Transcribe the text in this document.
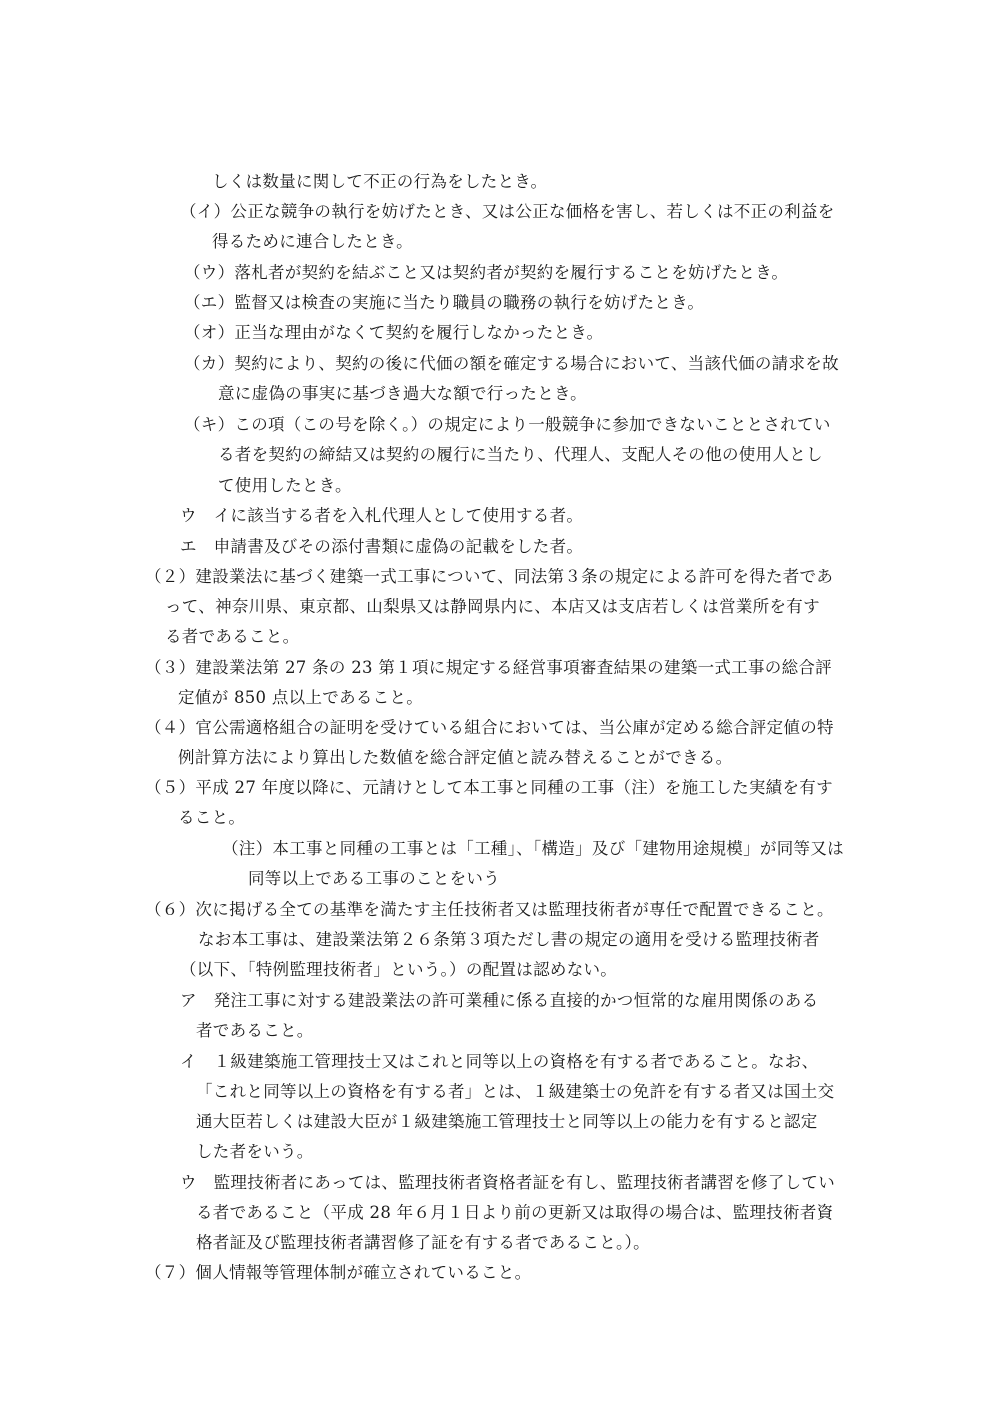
しくは数量に関して不正の行為をしたとき。
（イ）公正な競争の執行を妨げたとき、又は公正な価格を害し、若しくは不正の利益を
得るために連合したとき。
（ウ）落札者が契約を結ぶこと又は契約者が契約を履行することを妨げたとき。
（エ）監督又は検査の実施に当たり職員の職務の執行を妨げたとき。
（オ）正当な理由がなくて契約を履行しなかったとき。
（カ）契約により、契約の後に代価の額を確定する場合において、当該代価の請求を故
意に虚偽の事実に基づき過大な額で行ったとき。
（キ）この項（この号を除く。）の規定により一般競争に参加できないこととされてい
る者を契約の締結又は契約の履行に当たり、代理人、支配人その他の使用人とし
て使用したとき。
ウ　イに該当する者を入札代理人として使用する者。
エ　申請書及びその添付書類に虚偽の記載をした者。
（２）建設業法に基づく建築一式工事について、同法第３条の規定による許可を得た者であ
って、神奈川県、東京都、山梨県又は静岡県内に、本店又は支店若しくは営業所を有す
る者であること。
（３）建設業法第 27 条の 23 第１項に規定する経営事項審査結果の建築一式工事の総合評
定値が 850 点以上であること。
（４）官公需適格組合の証明を受けている組合においては、当公庫が定める総合評定値の特
例計算方法により算出した数値を総合評定値と読み替えることができる。
（５）平成 27 年度以降に、元請けとして本工事と同種の工事（注）を施工した実績を有す
ること。
（注）本工事と同種の工事とは「工種」、「構造」及び「建物用途規模」が同等又は
同等以上である工事のことをいう
（６）次に掲げる全ての基準を満たす主任技術者又は監理技術者が専任で配置できること。
なお本工事は、建設業法第２６条第３項ただし書の規定の適用を受ける監理技術者
（以下、「特例監理技術者」という。）の配置は認めない。
ア　発注工事に対する建設業法の許可業種に係る直接的かつ恒常的な雇用関係のある
者であること。
イ　１級建築施工管理技士又はこれと同等以上の資格を有する者であること。なお、
「これと同等以上の資格を有する者」とは、１級建築士の免許を有する者又は国土交
通大臣若しくは建設大臣が１級建築施工管理技士と同等以上の能力を有すると認定
した者をいう。
ウ　監理技術者にあっては、監理技術者資格者証を有し、監理技術者講習を修了してい
る者であること（平成 28 年６月１日より前の更新又は取得の場合は、監理技術者資
格者証及び監理技術者講習修了証を有する者であること。）。
（７）個人情報等管理体制が確立されていること。
